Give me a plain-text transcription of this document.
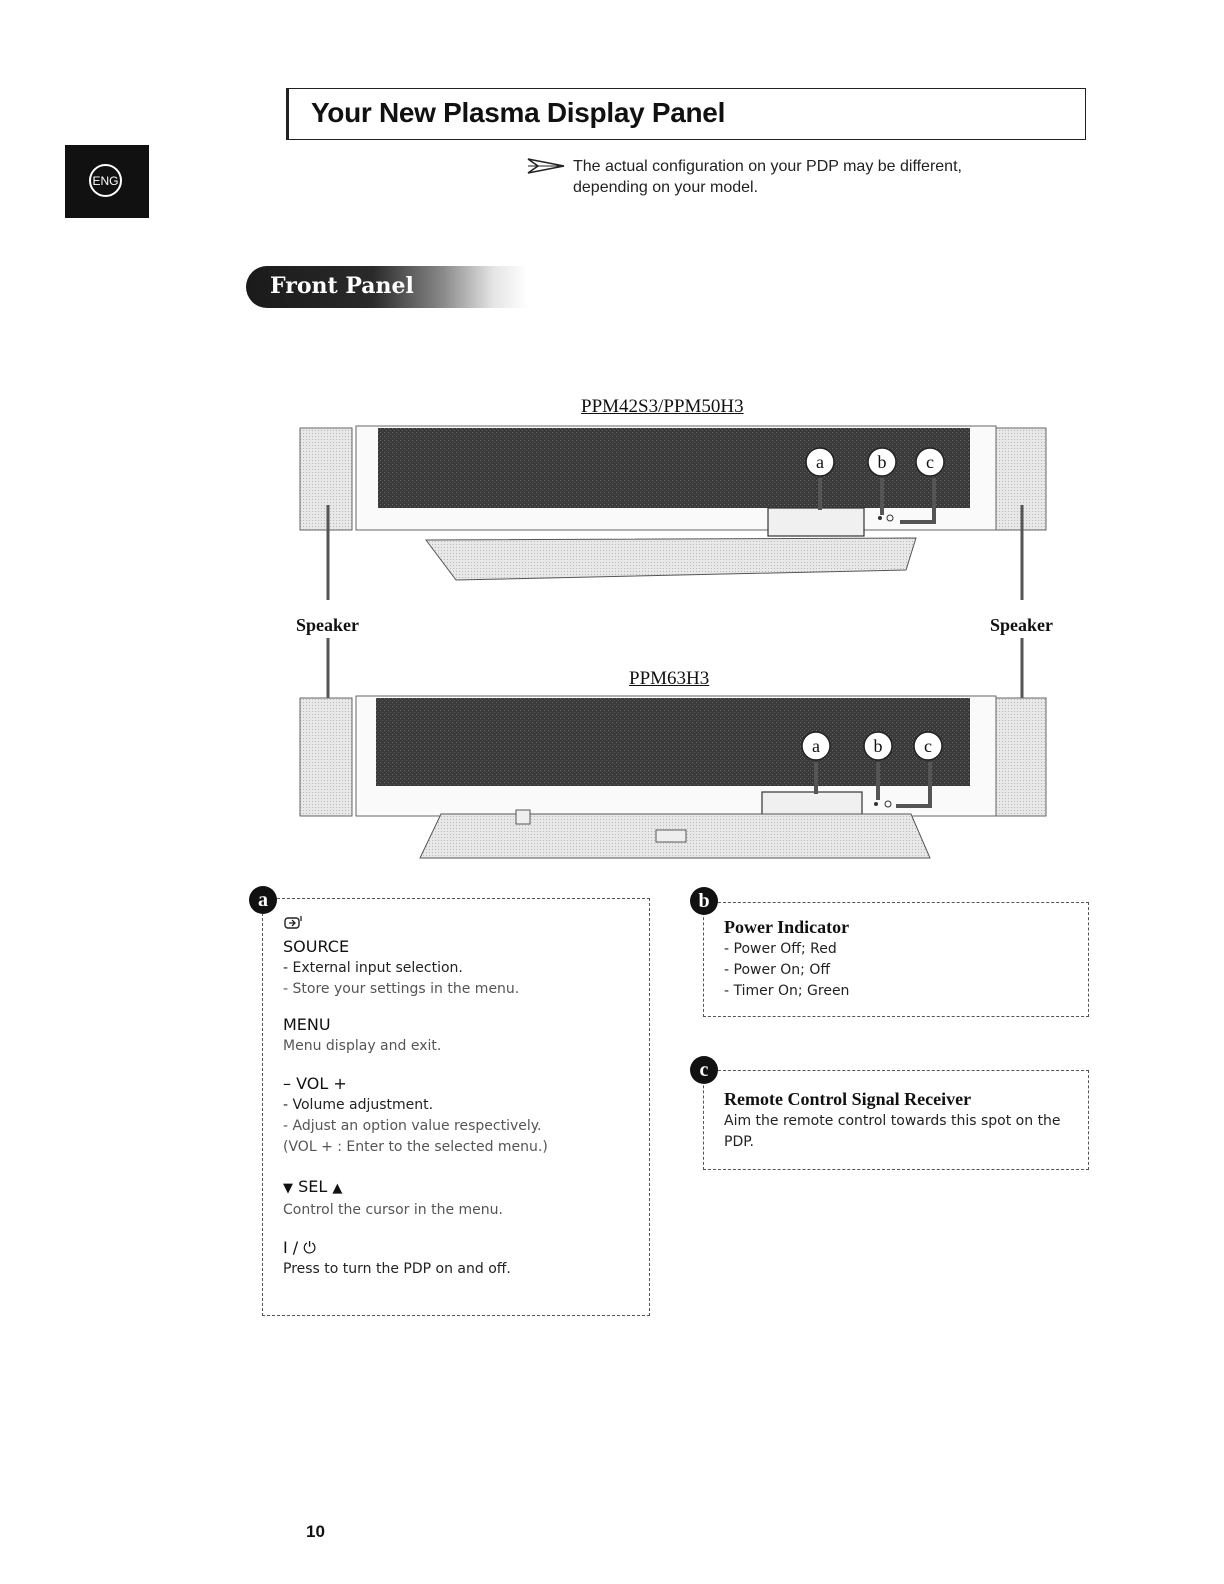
ENG
Your New Plasma Display Panel
The actual configuration on your PDP may be different,
depending on your model.
Front Panel
PPM42S3/PPM50H3
a	b c
Speaker	Speaker
PPM63H3
a	b c

SOURCE

- External input selection.

- Store your settings in the menu.

MENU

Menu display and exit.

– VOL +

- Volume adjustment.

- Adjust an option value respectively.

(VOL + : Enter to the selected menu.)

▼ SEL ▲

Control the cursor in the menu.

I / ⏻

Press to turn the PDP on and off.

a

Power Indicator

- Power Off; Red

- Power On; Off

- Timer On; Green

b

Remote Control Signal Receiver

Aim the remote control towards this spot on the

PDP.

c
10
